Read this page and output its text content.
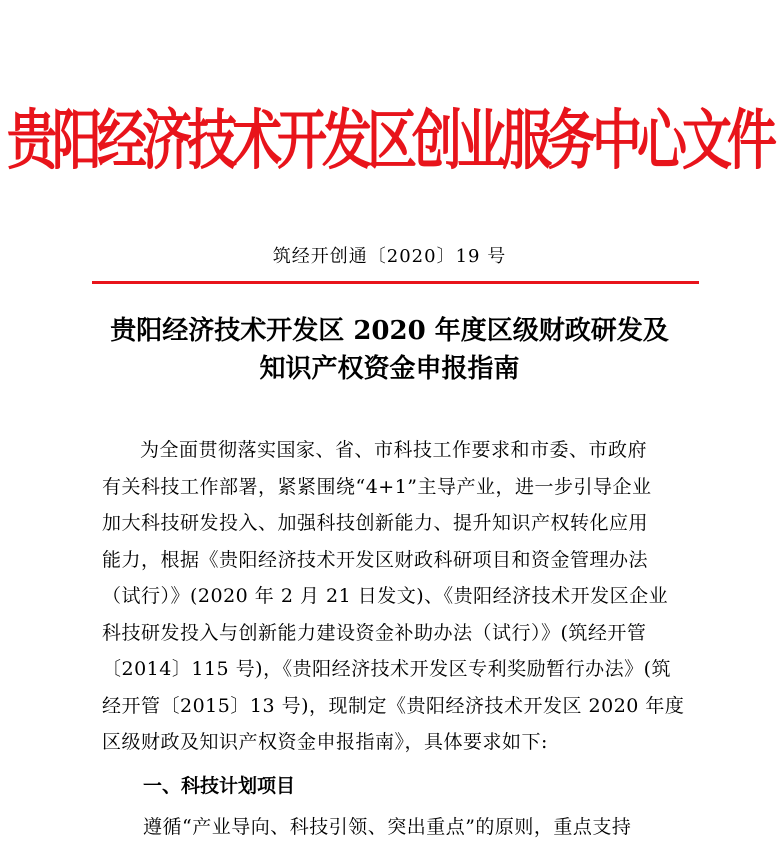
贵阳经济技术开发区创业服务中心文件
筑经开创通〔2020〕19 号
贵阳经济技术开发区 2020 年度区级财政研发及
知识产权资金申报指南
为全面贯彻落实国家、省、市科技工作要求和市委、市政府
有关科技工作部署，紧紧围绕“4+1”主导产业，进一步引导企业
加大科技研发投入、加强科技创新能力、提升知识产权转化应用
能力，根据《贵阳经济技术开发区财政科研项目和资金管理办法
（试行）》(2020 年 2 月 21 日发文)、《贵阳经济技术开发区企业
科技研发投入与创新能力建设资金补助办法（试行）》(筑经开管
〔2014〕115 号)，《贵阳经济技术开发区专利奖励暂行办法》(筑
经开管〔2015〕13 号)，现制定《贵阳经济技术开发区 2020 年度
区级财政及知识产权资金申报指南》，具体要求如下:
一、科技计划项目
遵循“产业导向、科技引领、突出重点”的原则，重点支持
